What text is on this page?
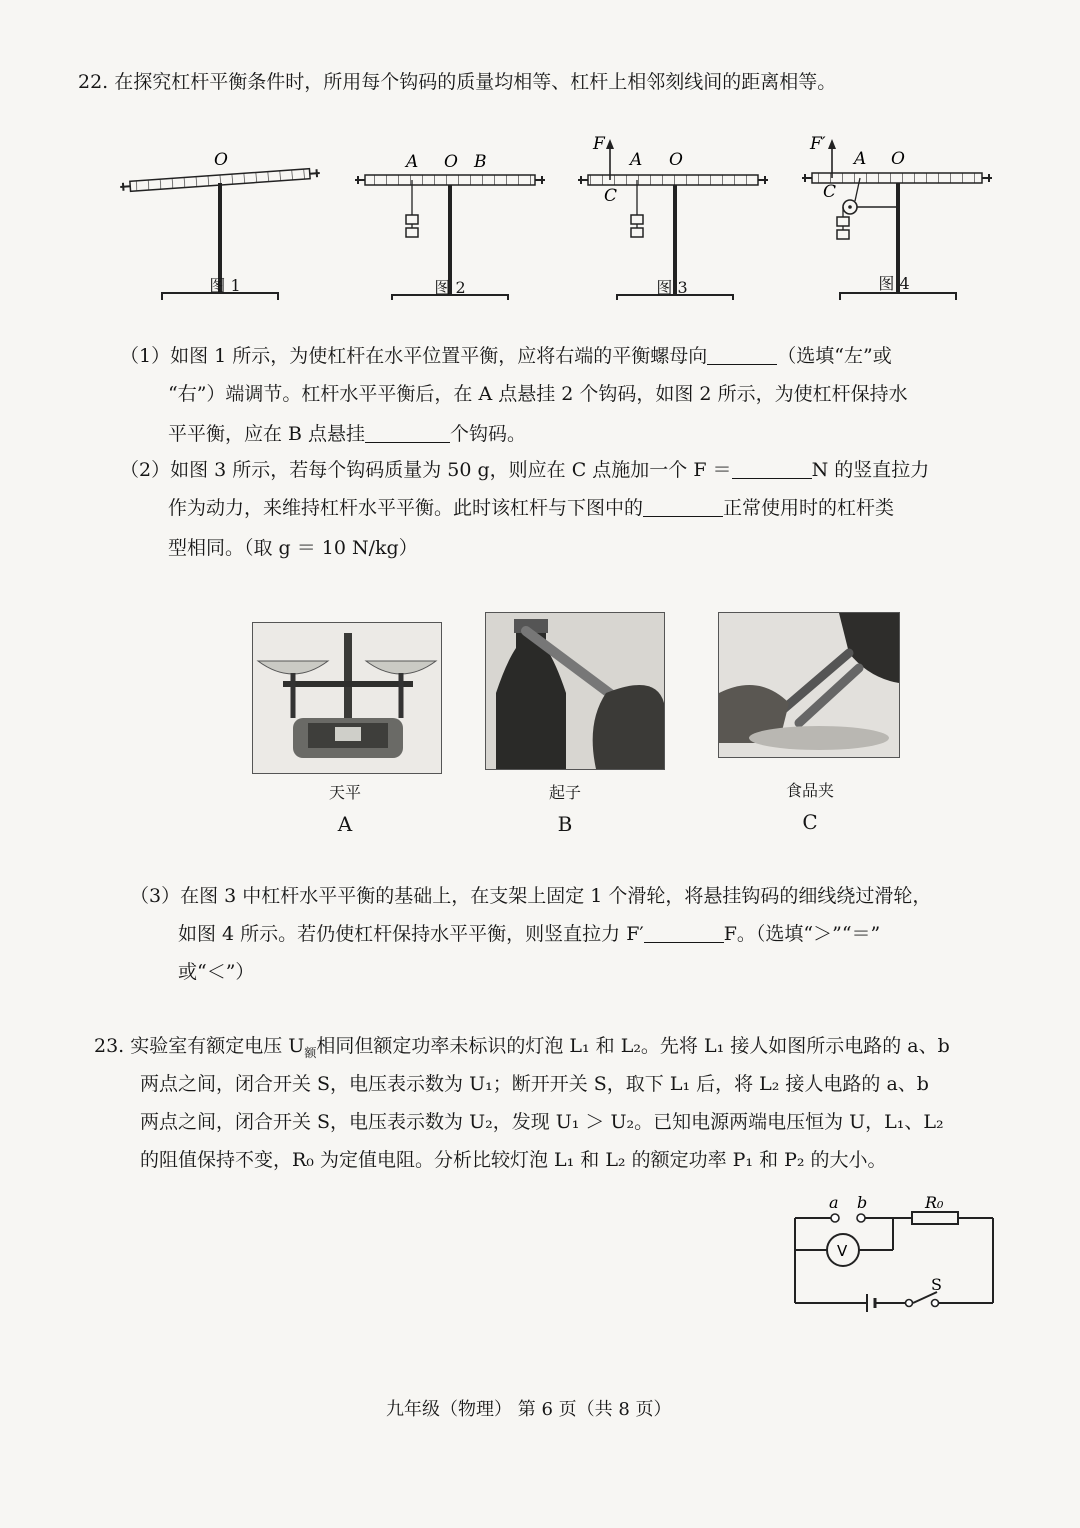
22. 在探究杠杆平衡条件时，所用每个钩码的质量均相等、杠杆上相邻刻线间的距离相等。
O	A O B
F
A O
C
F′
A O
C
图 1	图 2	图 3	图 4
（1）如图 1 所示，为使杠杆在水平位置平衡，应将右端的平衡螺母向	（选填“左”或
“右”）端调节。杠杆水平平衡后，在 A 点悬挂 2 个钩码，如图 2 所示，为使杠杆保持水
平平衡，应在 B 点悬挂	个钩码。
（2）如图 3 所示，若每个钩码质量为 50 g，则应在 C 点施加一个 F ＝	N 的竖直拉力
作为动力，来维持杠杆水平平衡。此时该杠杆与下图中的	正常使用时的杠杆类
型相同。（取 g ＝ 10 N/kg）
天平
A
起子
B
食品夹
C
（3）在图 3 中杠杆水平平衡的基础上，在支架上固定 1 个滑轮，将悬挂钩码的细线绕过滑轮，
如图 4 所示。若仍使杠杆保持水平平衡，则竖直拉力 F′	F。（选填“＞”“＝”
或“＜”）
23. 实验室有额定电压 $U_额$相同但额定功率未标识的灯泡 L₁ 和 L₂。先将 L₁ 接人如图所示电路的 a、b
两点之间，闭合开关 S，电压表示数为 U₁；断开开关 S，取下 L₁ 后，将 L₂ 接人电路的 a、b
两点之间，闭合开关 S，电压表示数为 U₂，发现 U₁ ＞ U₂。已知电源两端电压恒为 U，L₁、L₂
的阻值保持不变，R₀ 为定值电阻。分析比较灯泡 L₁ 和 L₂ 的额定功率 P₁ 和 P₂ 的大小。
a b	R₀
V
S
九年级（物理） 第 6 页（共 8 页）
